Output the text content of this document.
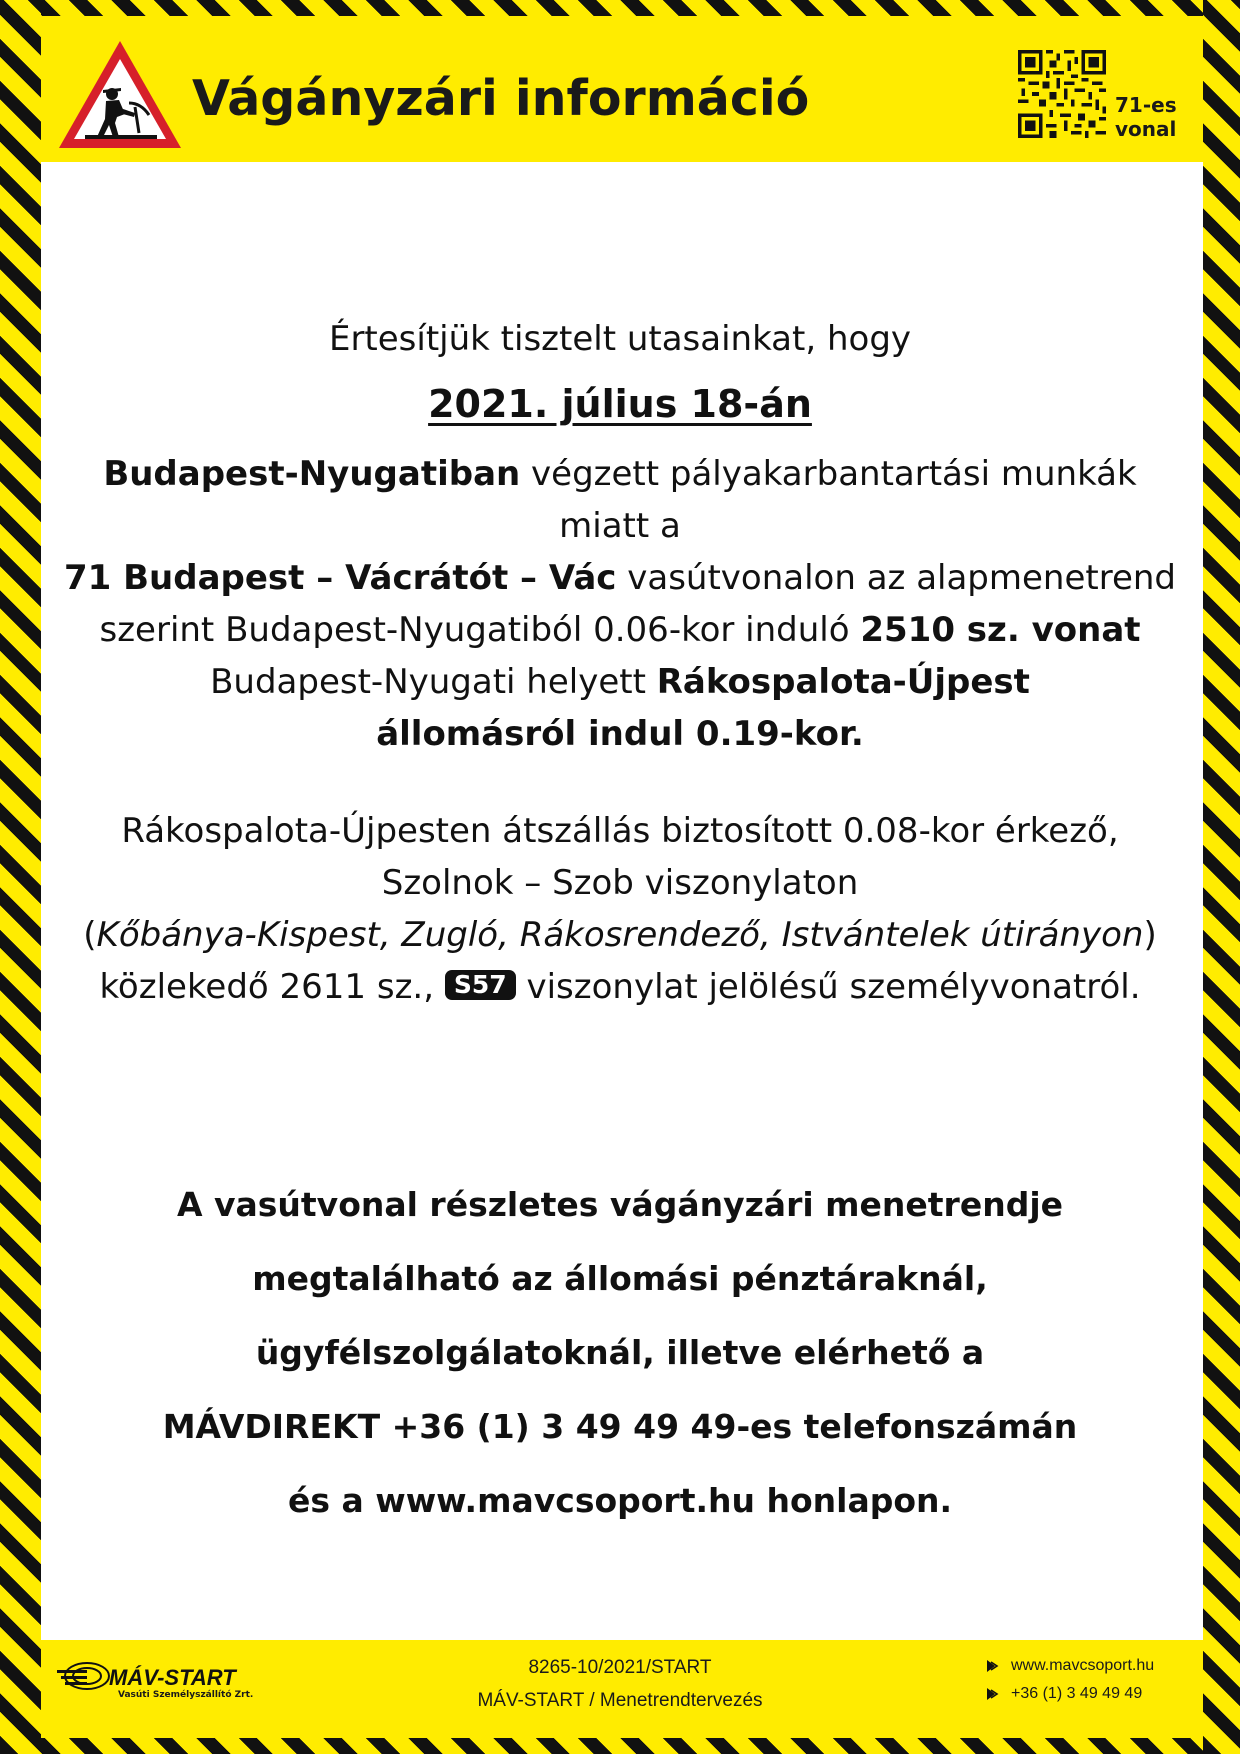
Vágányzári információ	71-es
vonal
Értesítjük tisztelt utasainkat, hogy
2021. július 18-án
Budapest-Nyugatiban végzett pályakarbantartási munkák
miatt a
71 Budapest – Vácrátót – Vác vasútvonalon az alapmenetrend
szerint Budapest-Nyugatiból 0.06-kor induló 2510 sz. vonat
Budapest-Nyugati helyett Rákospalota-Újpest
állomásról indul 0.19-kor.
Rákospalota-Újpesten átszállás biztosított 0.08-kor érkező,
Szolnok – Szob viszonylaton
(Kőbánya-Kispest, Zugló, Rákosrendező, Istvántelek útirányon)
közlekedő 2611 sz., S57 viszonylat jelölésű személyvonatról.
A vasútvonal részletes vágányzári menetrendje
megtalálható az állomási pénztáraknál,
ügyfélszolgálatoknál, illetve elérhető a
MÁVDIREKT +36 (1) 3 49 49 49-es telefonszámán
és a www.mavcsoport.hu honlapon.
MÁV-START
Vasúti Személyszállító Zrt.
8265-10/2021/START
MÁV-START / Menetrendtervezés
www.mavcsoport.hu
+36 (1) 3 49 49 49
